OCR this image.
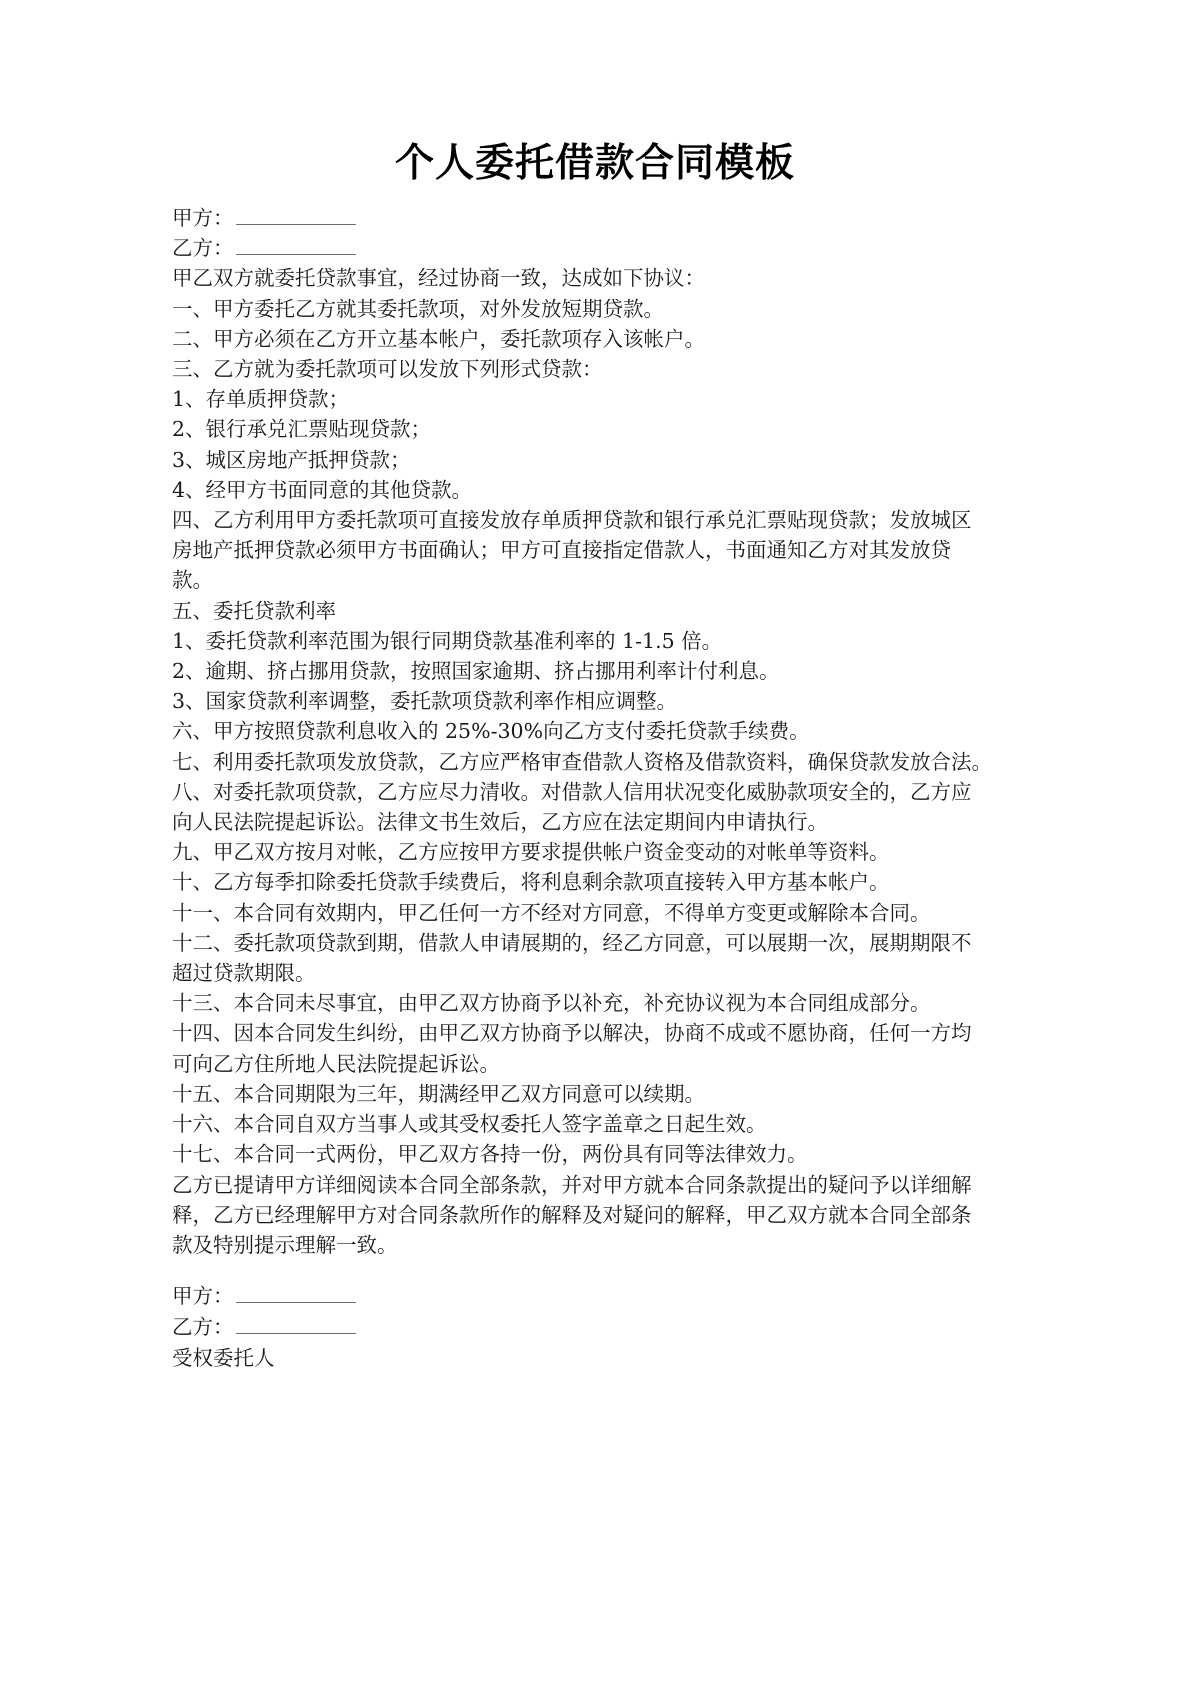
个人委托借款合同模板
甲方：
乙方：
甲乙双方就委托贷款事宜，经过协商一致，达成如下协议：
一、甲方委托乙方就其委托款项，对外发放短期贷款。
二、甲方必须在乙方开立基本帐户，委托款项存入该帐户。
三、乙方就为委托款项可以发放下列形式贷款：
1、存单质押贷款；
2、银行承兑汇票贴现贷款；
3、城区房地产抵押贷款；
4、经甲方书面同意的其他贷款。
四、乙方利用甲方委托款项可直接发放存单质押贷款和银行承兑汇票贴现贷款；发放城区房地产抵押贷款必须甲方书面确认；甲方可直接指定借款人，书面通知乙方对其发放贷款。
五、委托贷款利率
1、委托贷款利率范围为银行同期贷款基准利率的 1-1.5 倍。
2、逾期、挤占挪用贷款，按照国家逾期、挤占挪用利率计付利息。
3、国家贷款利率调整，委托款项贷款利率作相应调整。
六、甲方按照贷款利息收入的 25%-30%向乙方支付委托贷款手续费。
七、利用委托款项发放贷款，乙方应严格审查借款人资格及借款资料，确保贷款发放合法。
八、对委托款项贷款，乙方应尽力清收。对借款人信用状况变化威胁款项安全的，乙方应向人民法院提起诉讼。法律文书生效后，乙方应在法定期间内申请执行。
九、甲乙双方按月对帐，乙方应按甲方要求提供帐户资金变动的对帐单等资料。
十、乙方每季扣除委托贷款手续费后，将利息剩余款项直接转入甲方基本帐户。
十一、本合同有效期内，甲乙任何一方不经对方同意，不得单方变更或解除本合同。
十二、委托款项贷款到期，借款人申请展期的，经乙方同意，可以展期一次，展期期限不超过贷款期限。
十三、本合同未尽事宜，由甲乙双方协商予以补充，补充协议视为本合同组成部分。
十四、因本合同发生纠纷，由甲乙双方协商予以解决，协商不成或不愿协商，任何一方均可向乙方住所地人民法院提起诉讼。
十五、本合同期限为三年，期满经甲乙双方同意可以续期。
十六、本合同自双方当事人或其受权委托人签字盖章之日起生效。
十七、本合同一式两份，甲乙双方各持一份，两份具有同等法律效力。
乙方已提请甲方详细阅读本合同全部条款，并对甲方就本合同条款提出的疑问予以详细解释，乙方已经理解甲方对合同条款所作的解释及对疑问的解释，甲乙双方就本合同全部条款及特别提示理解一致。
甲方：
乙方：
受权委托人
